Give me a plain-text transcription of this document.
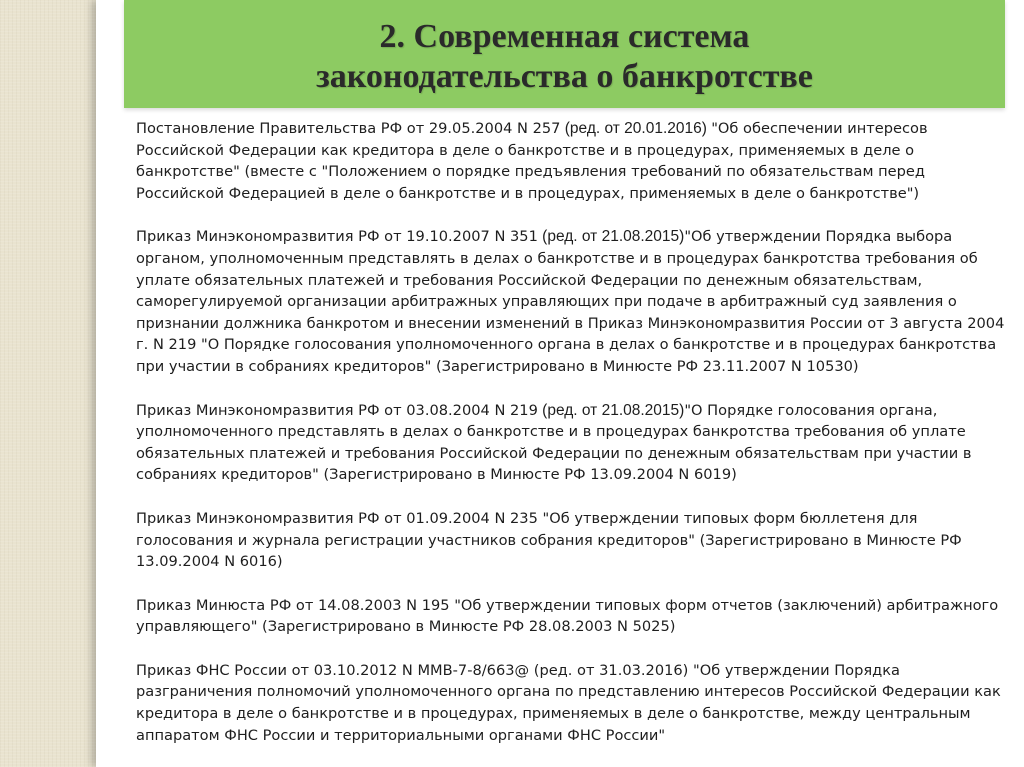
2. Современная система законодательства о банкротстве

Постановление Правительства РФ от 29.05.2004 N 257 (ред. от 20.01.2016) "Об обеспечении интересов Российской Федерации как кредитора в деле о банкротстве и в процедурах, применяемых в деле о банкротстве" (вместе с "Положением о порядке предъявления требований по обязательствам перед Российской Федерацией в деле о банкротстве и в процедурах, применяемых в деле о банкротстве")

Приказ Минэкономразвития РФ от 19.10.2007 N 351 (ред. от 21.08.2015)"Об утверждении Порядка выбора органом, уполномоченным представлять в делах о банкротстве и в процедурах банкротства требования об уплате обязательных платежей и требования Российской Федерации по денежным обязательствам, саморегулируемой организации арбитражных управляющих при подаче в арбитражный суд заявления о признании должника банкротом и внесении изменений в Приказ Минэкономразвития России от 3 августа 2004 г. N 219 "О Порядке голосования уполномоченного органа в делах о банкротстве и в процедурах банкротства при участии в собраниях кредиторов" (Зарегистрировано в Минюсте РФ 23.11.2007 N 10530)

Приказ Минэкономразвития РФ от 03.08.2004 N 219 (ред. от 21.08.2015)"О Порядке голосования органа, уполномоченного представлять в делах о банкротстве и в процедурах банкротства требования об уплате обязательных платежей и требования Российской Федерации по денежным обязательствам при участии в собраниях кредиторов" (Зарегистрировано в Минюсте РФ 13.09.2004 N 6019)

Приказ Минэкономразвития РФ от 01.09.2004 N 235 "Об утверждении типовых форм бюллетеня для голосования и журнала регистрации участников собрания кредиторов" (Зарегистрировано в Минюсте РФ 13.09.2004 N 6016)

Приказ Минюста РФ от 14.08.2003 N 195 "Об утверждении типовых форм отчетов (заключений) арбитражного управляющего" (Зарегистрировано в Минюсте РФ 28.08.2003 N 5025)

Приказ ФНС России от 03.10.2012 N ММВ-7-8/663@ (ред. от 31.03.2016) "Об утверждении Порядка разграничения полномочий уполномоченного органа по представлению интересов Российской Федерации как кредитора в деле о банкротстве и в процедурах, применяемых в деле о банкротстве, между центральным аппаратом ФНС России и территориальными органами ФНС России"
